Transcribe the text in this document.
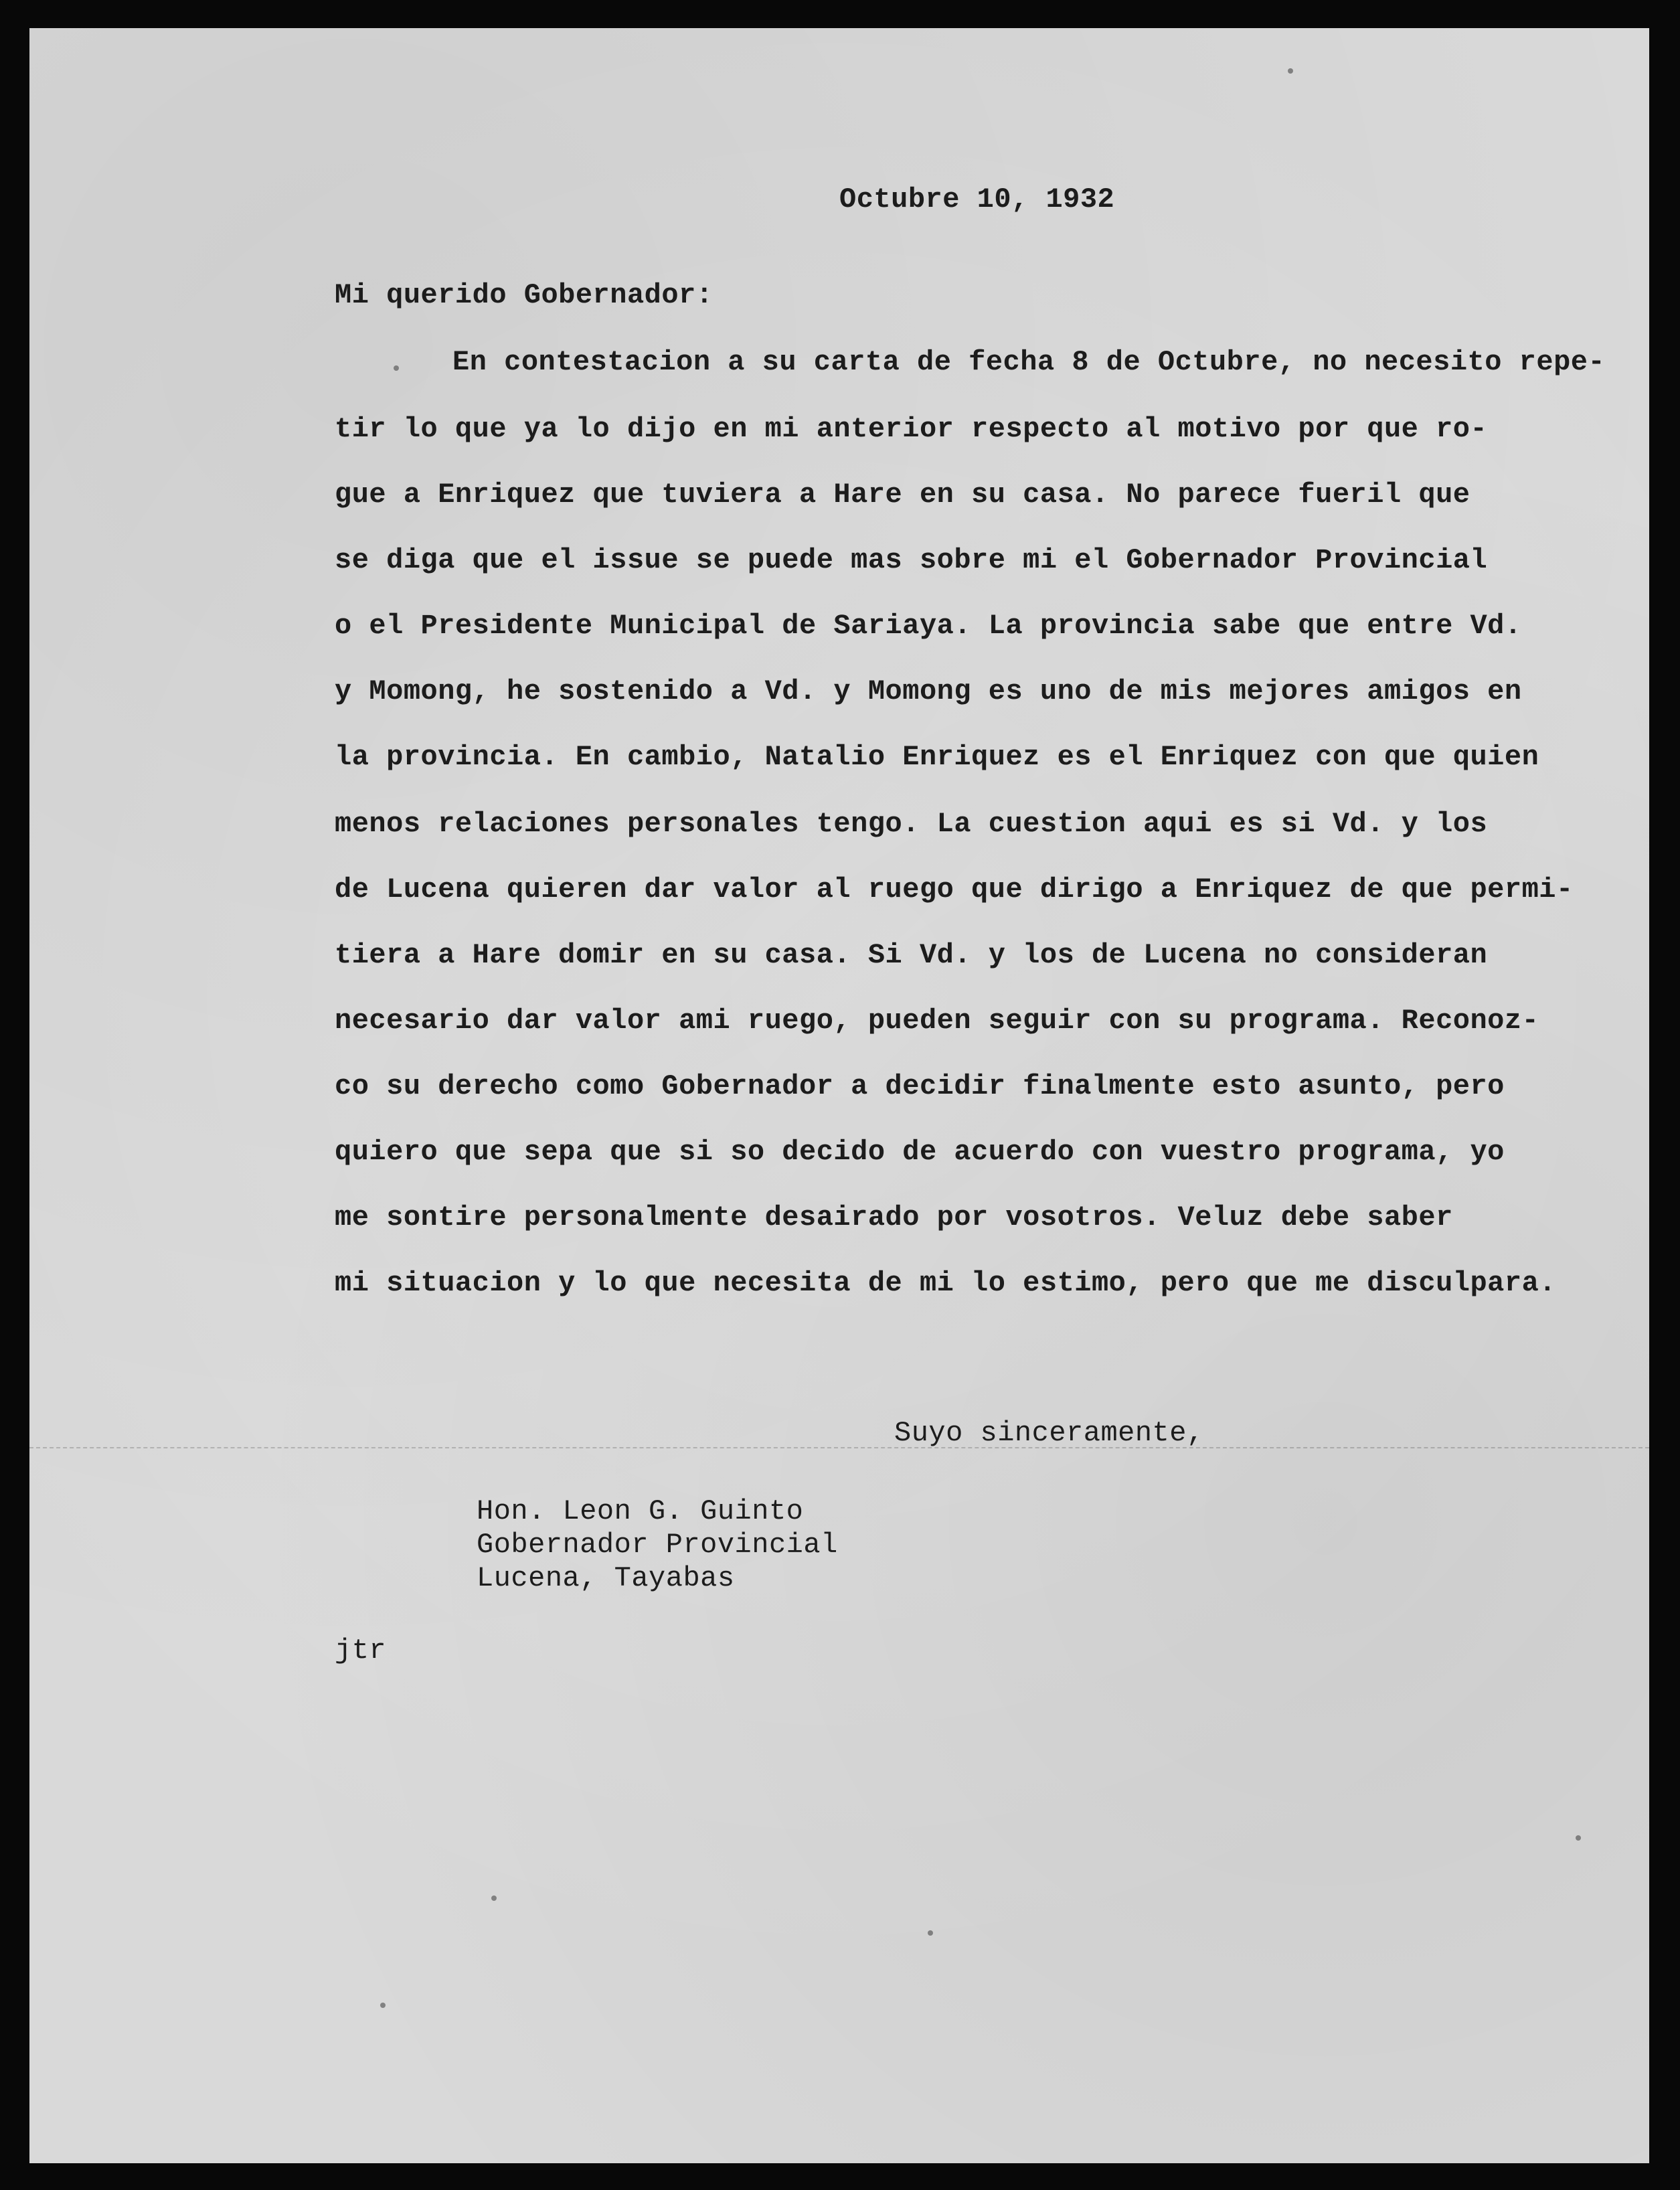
Octubre 10, 1932
Mi querido Gobernador:
En contestacion a su carta de fecha 8 de Octubre, no necesito repe-
tir lo que ya lo dijo en mi anterior respecto al motivo por que ro-
gue a Enriquez que tuviera a Hare en su casa. No parece fueril que
se diga que el issue se puede mas sobre mi el Gobernador Provincial
o el Presidente Municipal de Sariaya. La provincia sabe que entre Vd.
y Momong, he sostenido a Vd. y Momong es uno de mis mejores amigos en
la provincia. En cambio, Natalio Enriquez es el Enriquez con que quien
menos relaciones personales tengo. La cuestion aqui es si Vd. y los
de Lucena quieren dar valor al ruego que dirigo a Enriquez de que permi-
tiera a Hare domir en su casa. Si Vd. y los de Lucena no consideran
necesario dar valor ami ruego, pueden seguir con su programa. Reconoz-
co su derecho como Gobernador a decidir finalmente esto asunto, pero
quiero que sepa que si so decido de acuerdo con vuestro programa, yo
me sontire personalmente desairado por vosotros. Veluz debe saber
mi situacion y lo que necesita de mi lo estimo, pero que me disculpara.
Suyo sinceramente,
Hon. Leon G. Guinto
Gobernador Provincial
Lucena, Tayabas
jtr
